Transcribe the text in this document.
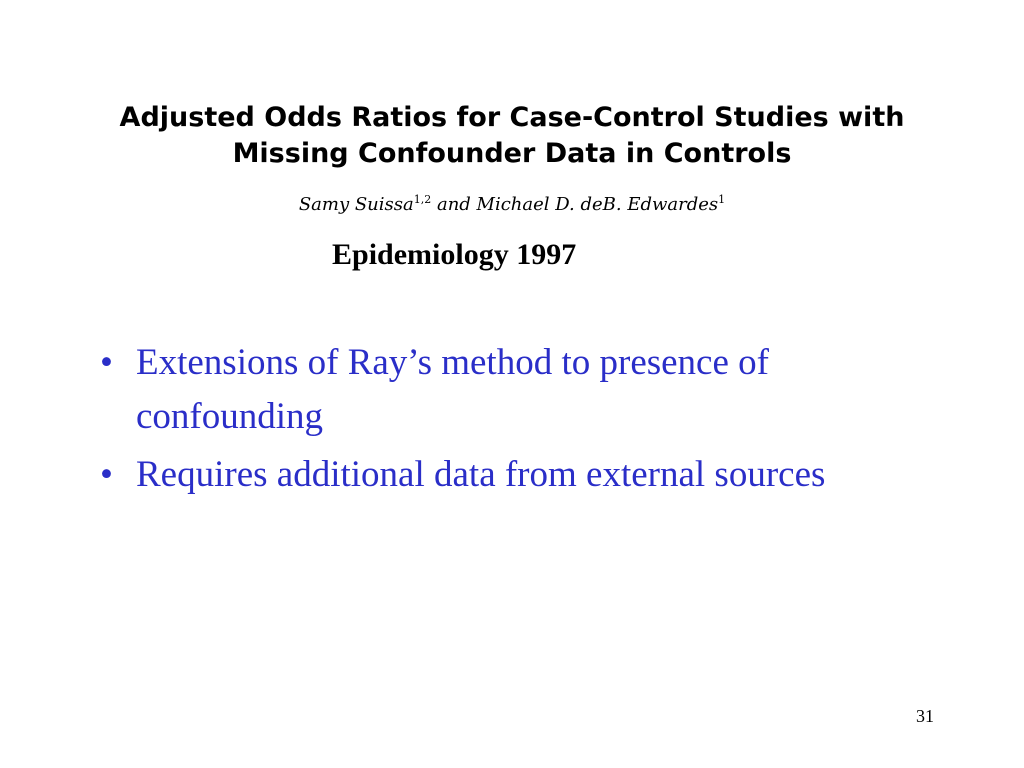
Adjusted Odds Ratios for Case-Control Studies with
Missing Confounder Data in Controls
Samy Suissa$^{1,2}$ and Michael D. deB. Edwardes$^1$
Epidemiology 1997
• Extensions of Ray’s method to presence of confounding
• Requires additional data from external sources
31
